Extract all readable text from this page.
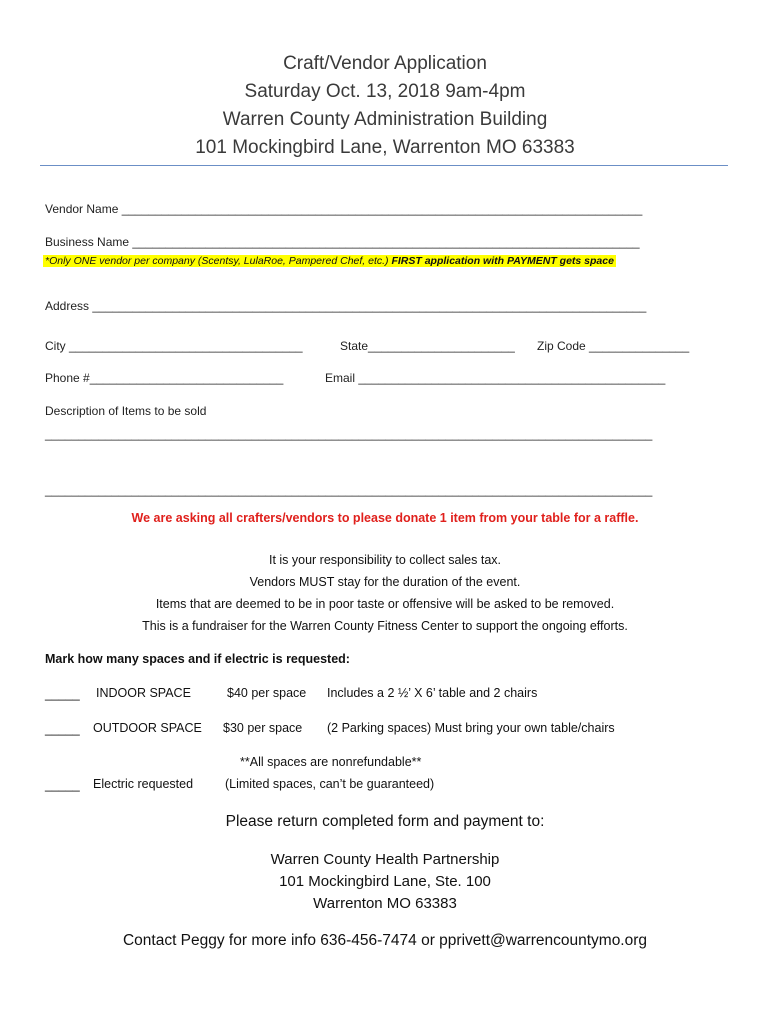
Craft/Vendor Application
Saturday Oct. 13, 2018 9am-4pm
Warren County Administration Building
101 Mockingbird Lane, Warrenton MO 63383
Vendor Name ______________________________________________________________________________
Business Name ____________________________________________________________________________
*Only ONE vendor per company (Scentsy, LulaRoe, Pampered Chef, etc.) FIRST application with PAYMENT gets space
Address ___________________________________________________________________________________
City ___________________________________	State______________________ Zip Code _______________
Phone #_____________________________	Email ______________________________________________
Description of Items to be sold
___________________________________________________________________________________________
___________________________________________________________________________________________
We are asking all crafters/vendors to please donate 1 item from your table for a raffle.
It is your responsibility to collect sales tax.
Vendors MUST stay for the duration of the event.
Items that are deemed to be in poor taste or offensive will be asked to be removed.
This is a fundraiser for the Warren County Fitness Center to support the ongoing efforts.
Mark how many spaces and if electric is requested:
_____ INDOOR SPACE	$40 per space Includes a 2 ½’ X 6’ table and 2 chairs
_____ OUTDOOR SPACE $30 per space (2 Parking spaces) Must bring your own table/chairs
**All spaces are nonrefundable**
_____ Electric requested	(Limited spaces, can’t be guaranteed)
Please return completed form and payment to:
Warren County Health Partnership
101 Mockingbird Lane, Ste. 100
Warrenton MO 63383
Contact Peggy for more info 636-456-7474 or pprivett@warrencountymo.org
